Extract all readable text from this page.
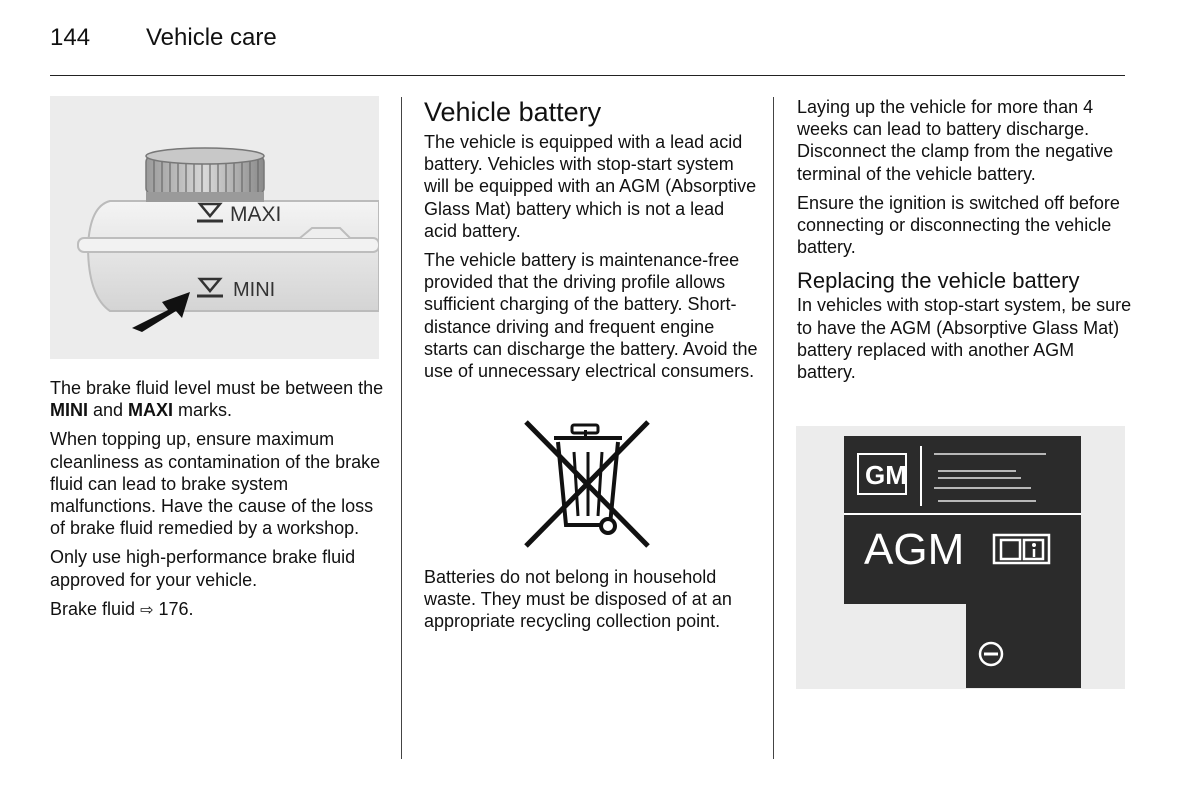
144 Vehicle care
MAXI
MINI

The brake fluid level must be between the MINI and MAXI marks.

When topping up, ensure maximum cleanliness as contamination of the brake fluid can lead to brake system malfunctions. Have the cause of the loss of brake fluid remedied by a workshop.

Only use high-performance brake fluid approved for your vehicle.

Brake fluid ⇨ 176.

Vehicle battery

The vehicle is equipped with a lead acid battery. Vehicles with stop-start system will be equipped with an AGM (Absorptive Glass Mat) battery which is not a lead acid battery.

The vehicle battery is maintenance-free provided that the driving profile allows sufficient charging of the battery. Short-distance driving and frequent engine starts can discharge the battery. Avoid the use of unnecessary electrical consumers.

Batteries do not belong in household waste. They must be disposed of at an appropriate recycling collection point.

Laying up the vehicle for more than 4 weeks can lead to battery discharge. Disconnect the clamp from the negative terminal of the vehicle battery.

Ensure the ignition is switched off before connecting or disconnecting the vehicle battery.

Replacing the vehicle battery

In vehicles with stop-start system, be sure to have the AGM (Absorptive Glass Mat) battery replaced with another AGM battery.

GM
AGM
